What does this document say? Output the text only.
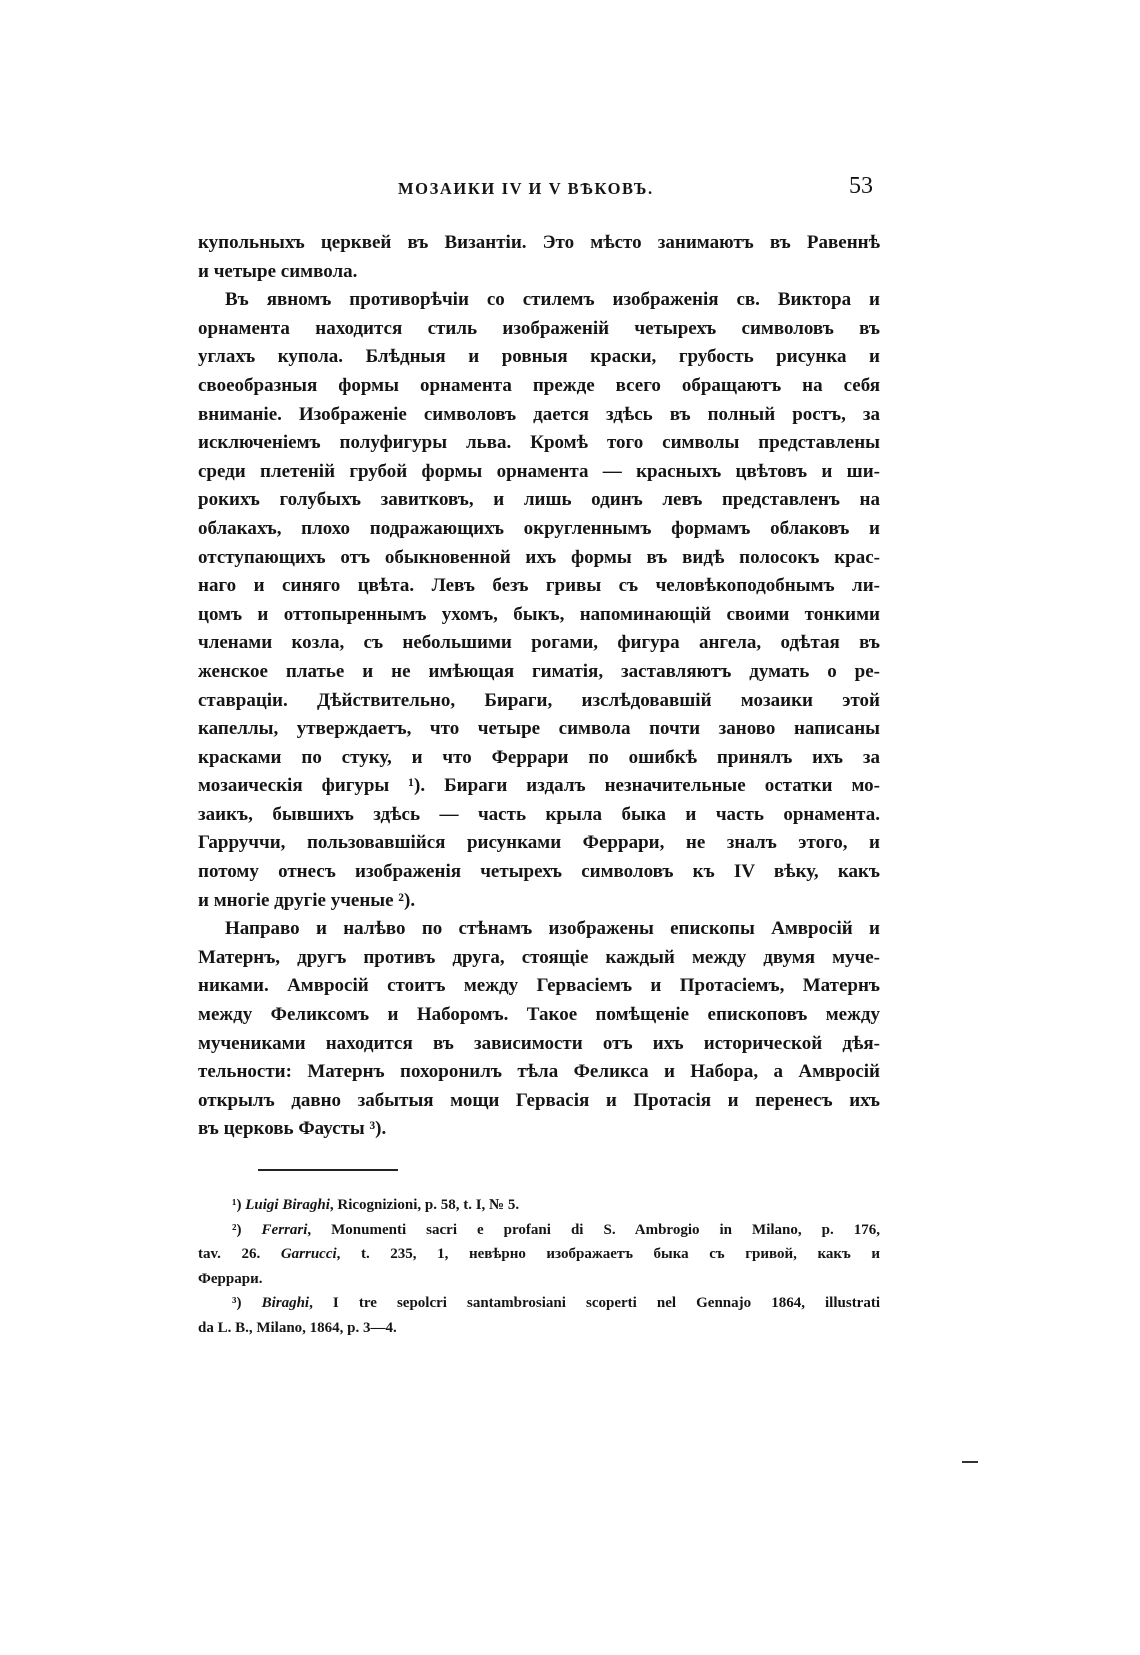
МОЗАИКИ IV И V ВѢКОВЪ.	53
купольныхъ церквей въ Византіи. Это мѣсто занимаютъ въ Равеннѣ
и четыре символа.
Въ явномъ противорѣчіи со стилемъ изображенія св. Виктора и
орнамента находится стиль изображеній четырехъ символовъ въ
углахъ купола. Блѣдныя и ровныя краски, грубость рисунка и
своеобразныя формы орнамента прежде всего обращаютъ на себя
вниманіе. Изображеніе символовъ дается здѣсь въ полный ростъ, за
исключеніемъ полуфигуры льва. Кромѣ того символы представлены
среди плетеній грубой формы орнамента — красныхъ цвѣтовъ и ши-
рокихъ голубыхъ завитковъ, и лишь одинъ левъ представленъ на
облакахъ, плохо подражающихъ округленнымъ формамъ облаковъ и
отступающихъ отъ обыкновенной ихъ формы въ видѣ полосокъ крас-
наго и синяго цвѣта. Левъ безъ гривы съ человѣкоподобнымъ ли-
цомъ и оттопыреннымъ ухомъ, быкъ, напоминающій своими тонкими
членами козла, съ небольшими рогами, фигура ангела, одѣтая въ
женское платье и не имѣющая гиматія, заставляютъ думать о ре-
ставраціи. Дѣйствительно, Бираги, изслѣдовавшій мозаики этой
капеллы, утверждаетъ, что четыре символа почти заново написаны
красками по стуку, и что Феррари по ошибкѣ принялъ ихъ за
мозаическія фигуры ¹). Бираги издалъ незначительные остатки мо-
заикъ, бывшихъ здѣсь — часть крыла быка и часть орнамента.
Гарруччи, пользовавшійся рисунками Феррари, не зналъ этого, и
потому отнесъ изображенія четырехъ символовъ къ IV вѣку, какъ
и многіе другіе ученые ²).
Направо и налѣво по стѣнамъ изображены епископы Амвросій и
Матернъ, другъ противъ друга, стоящіе каждый между двумя муче-
никами. Амвросій стоитъ между Гервасіемъ и Протасіемъ, Матернъ
между Феликсомъ и Наборомъ. Такое помѣщеніе епископовъ между
мучениками находится въ зависимости отъ ихъ исторической дѣя-
тельности: Матернъ похоронилъ тѣла Феликса и Набора, а Амвросій
открылъ давно забытыя мощи Гервасія и Протасія и перенесъ ихъ
въ церковь Фаусты ³).
¹) Luigi Biraghi, Ricognizioni, p. 58, t. I, № 5.
²) Ferrari, Monumenti sacri e profani di S. Ambrogio in Milano, p. 176,
tav. 26. Garrucci, t. 235, 1, невѣрно изображаетъ быка съ гривой, какъ и
Феррари.
³) Biraghi, I tre sepolcri santambrosiani scoperti nel Gennajo 1864, illustrati
da L. B., Milano, 1864, p. 3—4.
